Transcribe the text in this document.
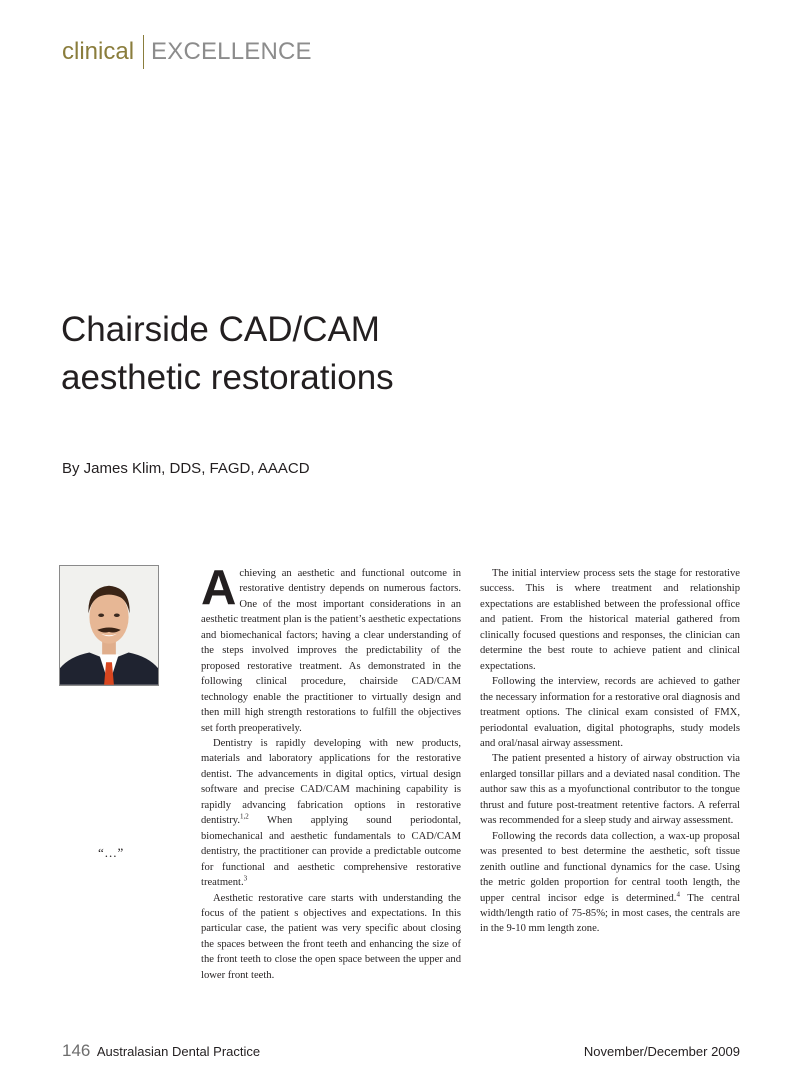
clinical EXCELLENCE
Chairside CAD/CAM
aesthetic restorations
By James Klim, DDS, FAGD, AAACD
“...”

Achieving an aesthetic and functional outcome in restorative dentistry depends on numerous factors. One of the most important considerations in an aesthetic treatment plan is the patient’s aesthetic expectations and biomechanical factors; having a clear understanding of the steps involved improves the predictability of the proposed restorative treatment. As demonstrated in the following clinical procedure, chairside CAD/CAM technology enable the practitioner to virtually design and then mill high strength restorations to fulfill the objectives set forth preoperatively.

Dentistry is rapidly developing with new products, materials and laboratory applications for the restorative dentist. The advancements in digital optics, virtual design software and precise CAD/CAM machining capability is rapidly advancing fabrication options in restorative dentistry.$^{1,2}$ When applying sound periodontal, biomechanical and aesthetic fundamentals to CAD/CAM dentistry, the practitioner can provide a predictable outcome for functional and aesthetic comprehensive restorative treatment.$^3$

Aesthetic restorative care starts with understanding the focus of the patient s objectives and expectations. In this particular case, the patient was very specific about closing the spaces between the front teeth and enhancing the size of the front teeth to close the open space between the upper and lower front teeth.

The initial interview process sets the stage for restorative success. This is where treatment and relationship expectations are established between the professional office and patient. From the historical material gathered from clinically focused questions and responses, the clinician can determine the best route to achieve patient and clinical expectations.

Following the interview, records are achieved to gather the necessary information for a restorative oral diagnosis and treatment options. The clinical exam consisted of FMX, periodontal evaluation, digital photographs, study models and oral/nasal airway assessment.

The patient presented a history of airway obstruction via enlarged tonsillar pillars and a deviated nasal condition. The author saw this as a myofunctional contributor to the tongue thrust and future post-treatment retentive factors. A referral was recommended for a sleep study and airway assessment.

Following the records data collection, a wax-up proposal was presented to best determine the aesthetic, soft tissue zenith outline and functional dynamics for the case. Using the metric golden proportion for central tooth length, the upper central incisor edge is determined.$^4$ The central width/length ratio of 75-85%; in most cases, the centrals are in the 9-10 mm length zone.

146 Australasian Dental Practice	November/December 2009
